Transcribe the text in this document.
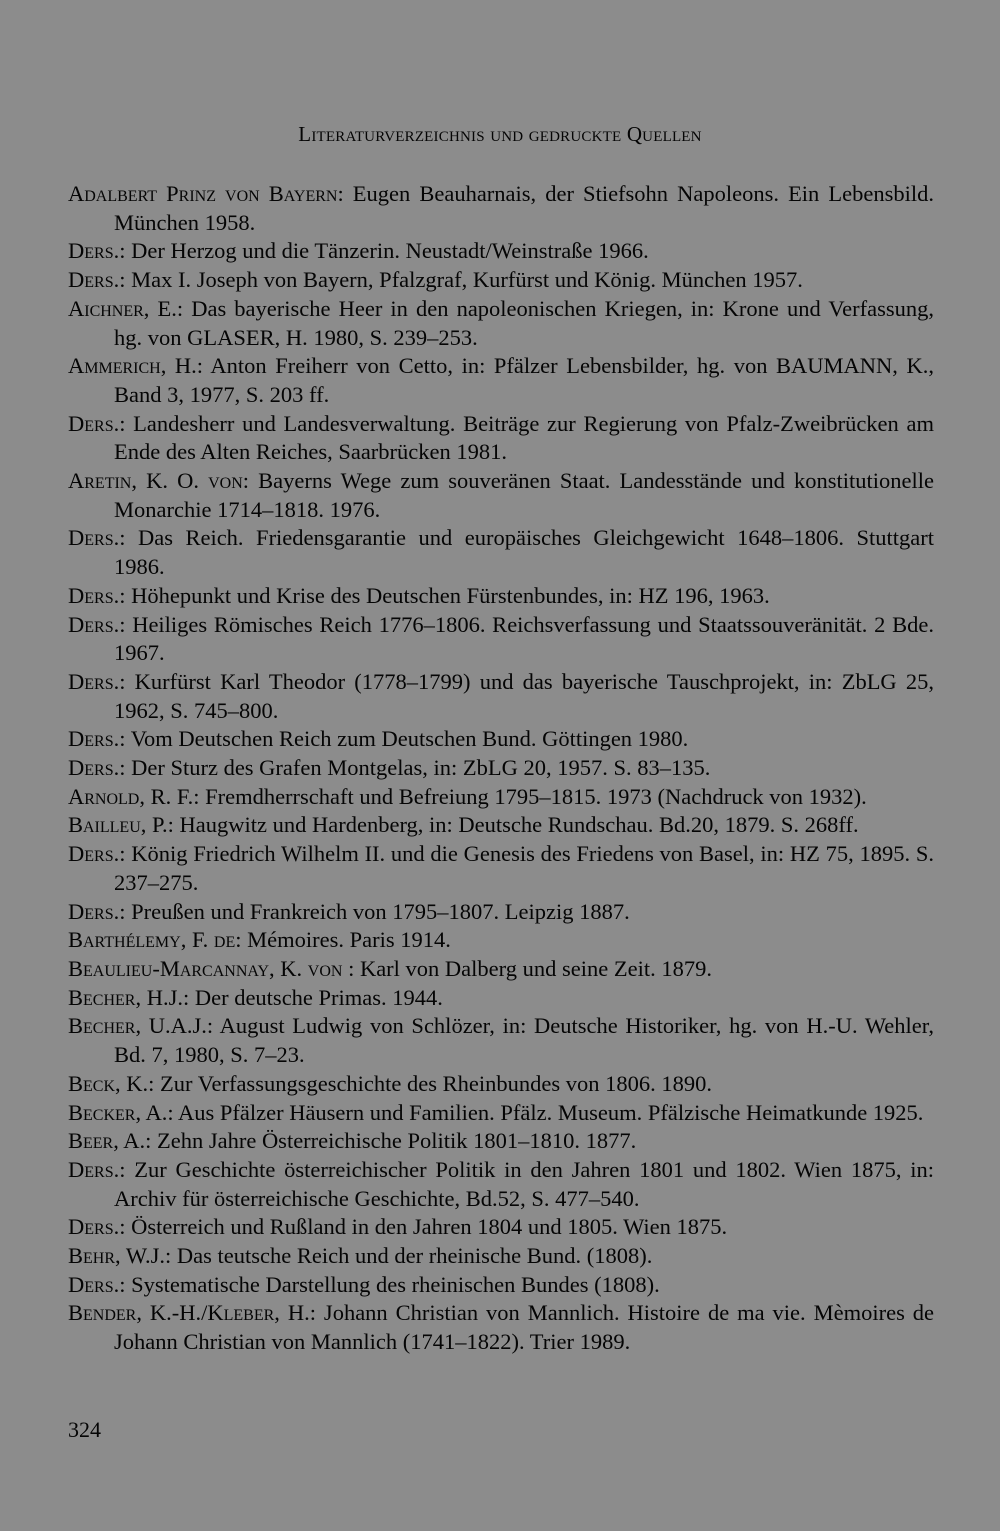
Literaturverzeichnis und gedruckte Quellen

Adalbert Prinz von Bayern: Eugen Beauharnais, der Stiefsohn Napoleons. Ein Lebensbild. München 1958.

Ders.: Der Herzog und die Tänzerin. Neustadt/Weinstraße 1966.

Ders.: Max I. Joseph von Bayern, Pfalzgraf, Kurfürst und König. München 1957.

Aichner, E.: Das bayerische Heer in den napoleonischen Kriegen, in: Krone und Verfassung, hg. von GLASER, H. 1980, S. 239–253.

Ammerich, H.: Anton Freiherr von Cetto, in: Pfälzer Lebensbilder, hg. von BAUMANN, K., Band 3, 1977, S. 203 ff.

Ders.: Landesherr und Landesverwaltung. Beiträge zur Regierung von Pfalz-Zweibrücken am Ende des Alten Reiches, Saarbrücken 1981.

Aretin, K. O. von: Bayerns Wege zum souveränen Staat. Landesstände und konstitutionelle Monarchie 1714–1818. 1976.

Ders.: Das Reich. Friedensgarantie und europäisches Gleichgewicht 1648–1806. Stuttgart 1986.

Ders.: Höhepunkt und Krise des Deutschen Fürstenbundes, in: HZ 196, 1963.

Ders.: Heiliges Römisches Reich 1776–1806. Reichsverfassung und Staatssouveränität. 2 Bde. 1967.

Ders.: Kurfürst Karl Theodor (1778–1799) und das bayerische Tauschprojekt, in: ZbLG 25, 1962, S. 745–800.

Ders.: Vom Deutschen Reich zum Deutschen Bund. Göttingen 1980.

Ders.: Der Sturz des Grafen Montgelas, in: ZbLG 20, 1957. S. 83–135.

Arnold, R. F.: Fremdherrschaft und Befreiung 1795–1815. 1973 (Nachdruck von 1932).

Bailleu, P.: Haugwitz und Hardenberg, in: Deutsche Rundschau. Bd.20, 1879. S. 268ff.

Ders.: König Friedrich Wilhelm II. und die Genesis des Friedens von Basel, in: HZ 75, 1895. S. 237–275.

Ders.: Preußen und Frankreich von 1795–1807. Leipzig 1887.

Barthélemy, F. de: Mémoires. Paris 1914.

Beaulieu-Marcannay, K. von : Karl von Dalberg und seine Zeit. 1879.

Becher, H.J.: Der deutsche Primas. 1944.

Becher, U.A.J.: August Ludwig von Schlözer, in: Deutsche Historiker, hg. von H.-U. Wehler, Bd. 7, 1980, S. 7–23.

Beck, K.: Zur Verfassungsgeschichte des Rheinbundes von 1806. 1890.

Becker, A.: Aus Pfälzer Häusern und Familien. Pfälz. Museum. Pfälzische Heimatkunde 1925.

Beer, A.: Zehn Jahre Österreichische Politik 1801–1810. 1877.

Ders.: Zur Geschichte österreichischer Politik in den Jahren 1801 und 1802. Wien 1875, in: Archiv für österreichische Geschichte, Bd.52, S. 477–540.

Ders.: Österreich und Rußland in den Jahren 1804 und 1805. Wien 1875.

Behr, W.J.: Das teutsche Reich und der rheinische Bund. (1808).

Ders.: Systematische Darstellung des rheinischen Bundes (1808).

Bender, K.-H./Kleber, H.: Johann Christian von Mannlich. Histoire de ma vie. Mèmoires de Johann Christian von Mannlich (1741–1822). Trier 1989.

324
